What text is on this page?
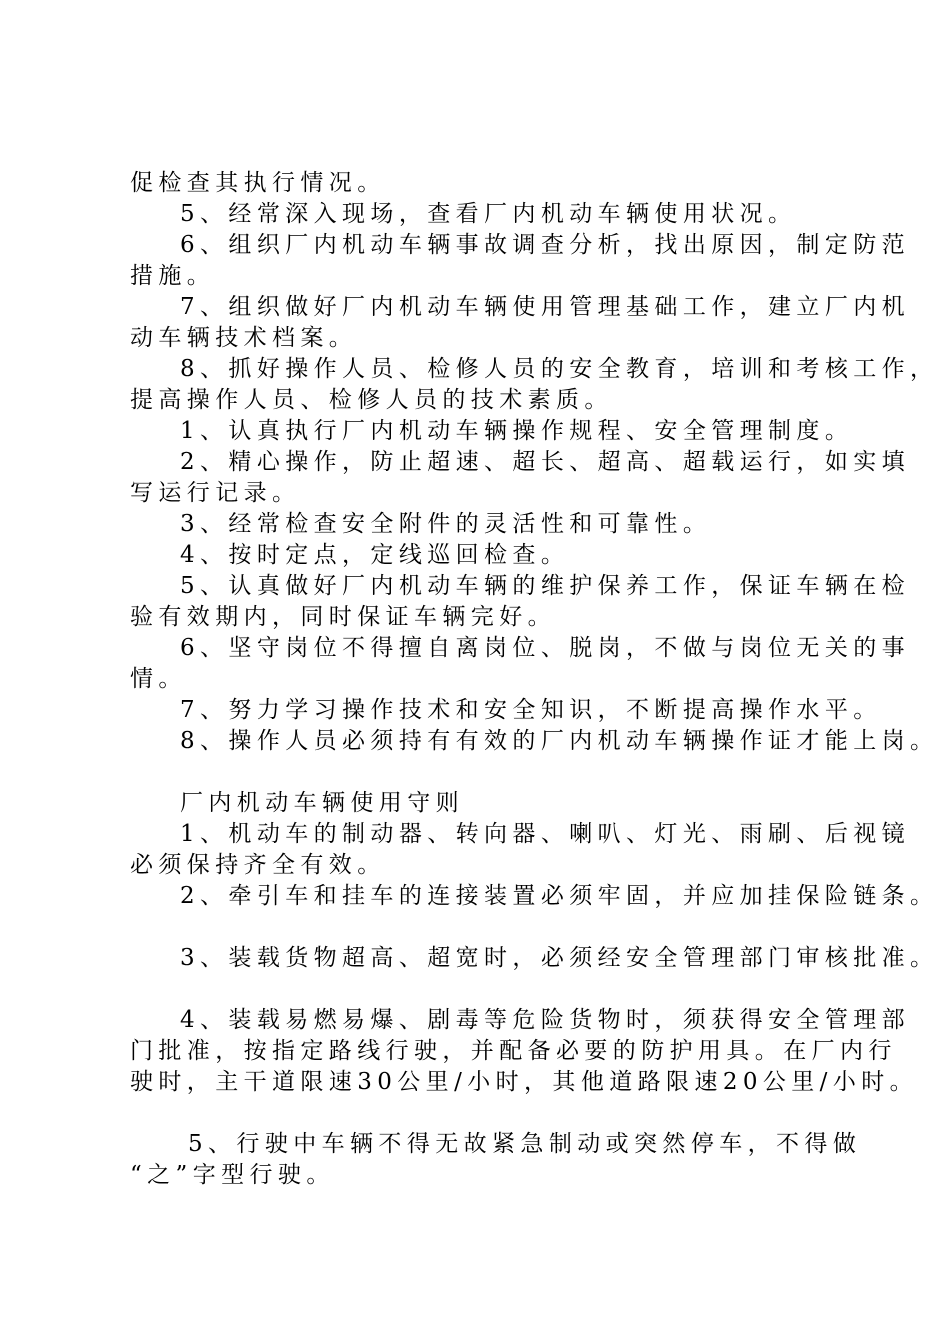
促检查其执行情况。
5、经常深入现场，查看厂内机动车辆使用状况。
6、组织厂内机动车辆事故调查分析，找出原因，制定防范
措施。
7、组织做好厂内机动车辆使用管理基础工作，建立厂内机
动车辆技术档案。
8、抓好操作人员、检修人员的安全教育，培训和考核工作，
提高操作人员、检修人员的技术素质。
1、认真执行厂内机动车辆操作规程、安全管理制度。
2、精心操作，防止超速、超长、超高、超载运行，如实填
写运行记录。
3、经常检查安全附件的灵活性和可靠性。
4、按时定点，定线巡回检查。
5、认真做好厂内机动车辆的维护保养工作，保证车辆在检
验有效期内，同时保证车辆完好。
6、坚守岗位不得擅自离岗位、脱岗，不做与岗位无关的事
情。
7、努力学习操作技术和安全知识，不断提高操作水平。
8、操作人员必须持有有效的厂内机动车辆操作证才能上岗。
厂内机动车辆使用守则
1、机动车的制动器、转向器、喇叭、灯光、雨刷、后视镜
必须保持齐全有效。
2、牵引车和挂车的连接装置必须牢固，并应加挂保险链条。
3、装载货物超高、超宽时，必须经安全管理部门审核批准。
4、装载易燃易爆、剧毒等危险货物时，须获得安全管理部
门批准，按指定路线行驶，并配备必要的防护用具。在厂内行
驶时，主干道限速30公里/小时，其他道路限速20公里/小时。
5、行驶中车辆不得无故紧急制动或突然停车，不得做
“之”字型行驶。
